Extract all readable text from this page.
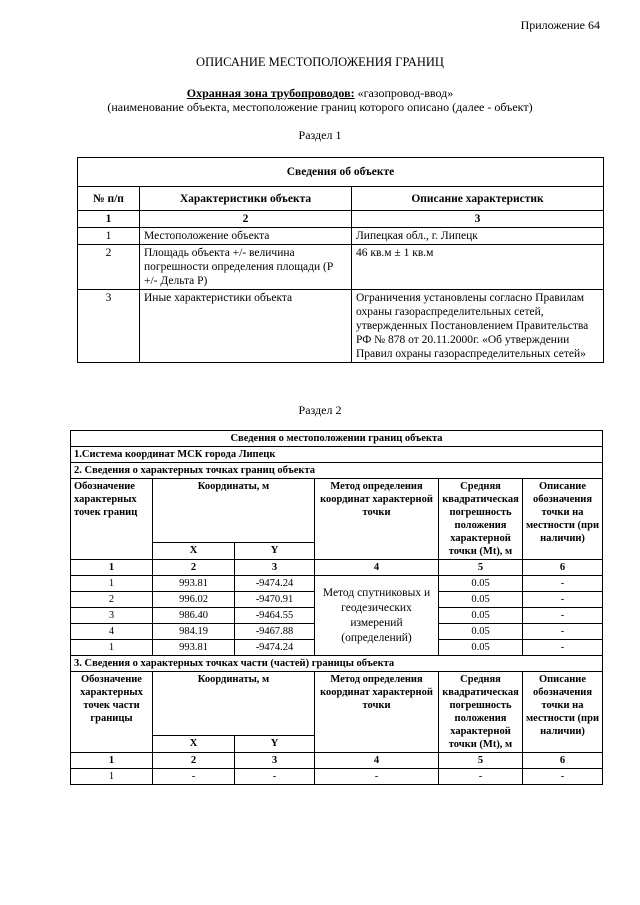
Приложение 64
ОПИСАНИЕ МЕСТОПОЛОЖЕНИЯ ГРАНИЦ
Охранная зона трубопроводов: «газопровод-ввод»
(наименование объекта, местоположение границ которого описано (далее - объект)
Раздел 1
Сведения об объекте		
№ п/п	Характеристики объекта	Описание характеристик
1	2	3
1	Местоположение объекта	Липецкая обл., г. Липецк
2	Площадь объекта +/- величина погрешности определения площади (Р +/- Дельта Р)	46 кв.м ± 1 кв.м
3	Иные характеристики объекта	Ограничения установлены согласно Правилам охраны газораспределительных сетей, утвержденных Постановлением Правительства РФ № 878 от 20.11.2000г. «Об утверждении Правил охраны газораспределительных сетей»
Раздел 2
Сведения о местоположении границ объекта					
1.Система координат МСК города Липецк					
2. Сведения о характерных точках границ объекта					
Обозначение характерных точек границ	Координаты, м		Метод определения координат характерной точки	Средняя квадратическая погрешность положения характерной точки (Mt), м	Описание обозначения точки на местности (при наличии)
	X	Y			
1	2	3	4	5	6
1	993.81	-9474.24	Метод спутниковых и геодезических измерений (определений)	0.05	-
2	996.02	-9470.91		0.05	-
3	986.40	-9464.55		0.05	-
4	984.19	-9467.88		0.05	-
1	993.81	-9474.24		0.05	-
3. Сведения о характерных точках части (частей) границы объекта					
Обозначение характерных точек части границы	Координаты, м		Метод определения координат характерной точки	Средняя квадратическая погрешность положения характерной точки (Mt), м	Описание обозначения точки на местности (при наличии)
	X	Y			
1	2	3	4	5	6
1	-	-	-	-	-
